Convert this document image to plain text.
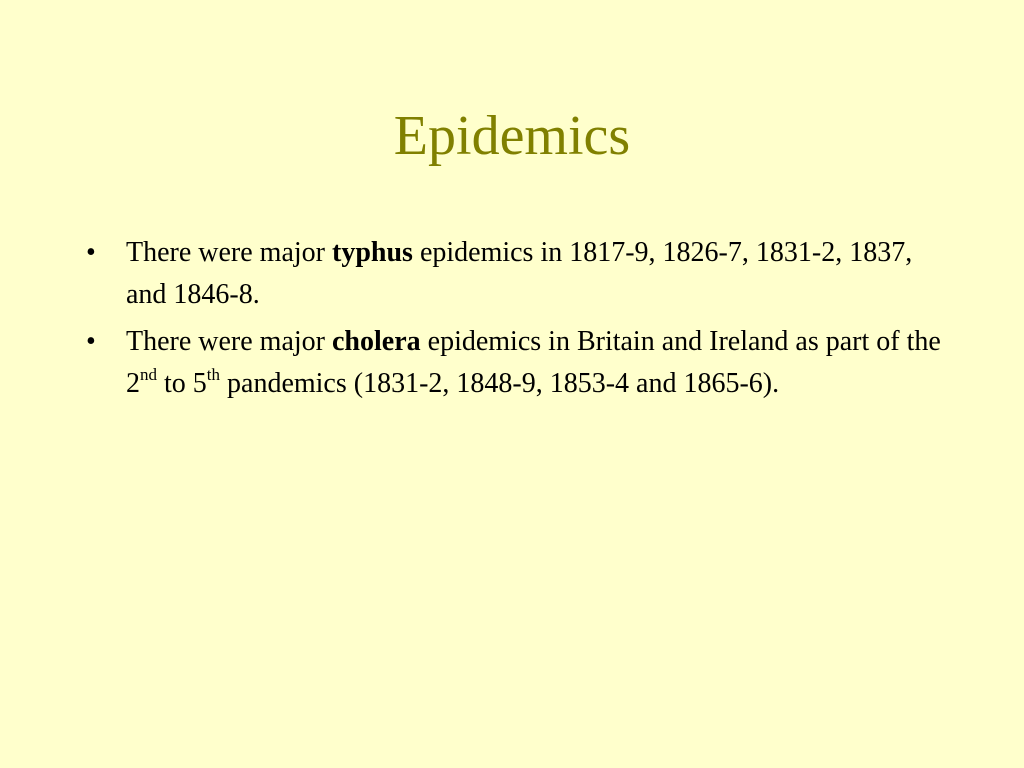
Epidemics
•	There were major typhus epidemics in 1817-9, 1826-7, 1831-2, 1837, and 1846-8.
•	There were major cholera epidemics in Britain and Ireland as part of the 2nd to 5th pandemics (1831-2, 1848-9, 1853-4 and 1865-6).
